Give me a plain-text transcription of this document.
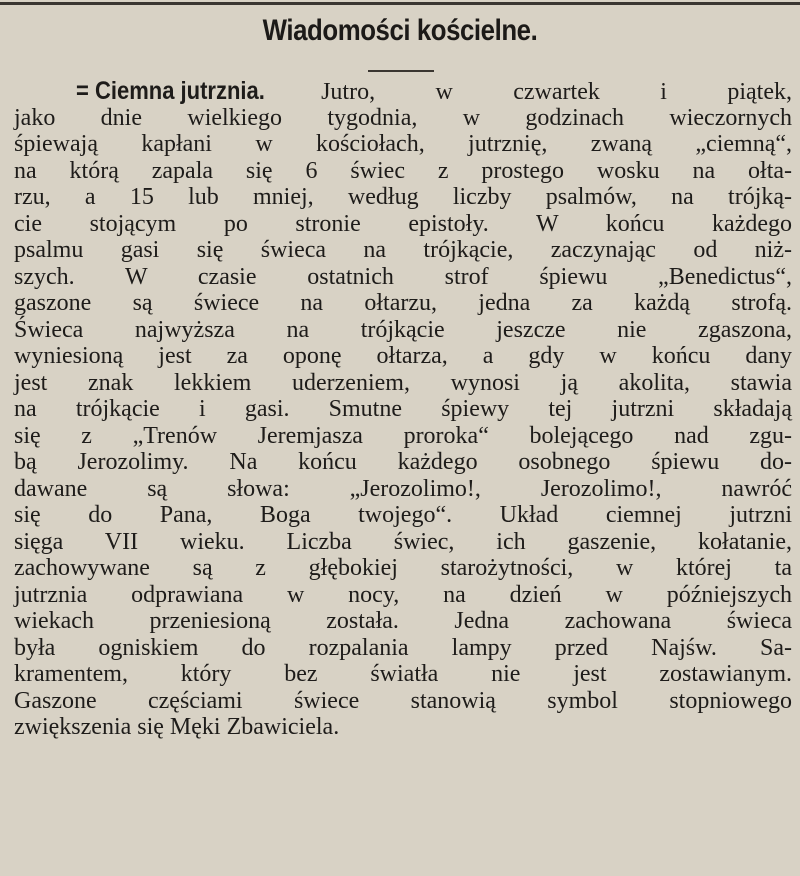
Wiadomości kościelne.
= Ciemna jutrznia. Jutro, w czwartek i piątek,
jako dnie wielkiego tygodnia, w godzinach wieczornych
śpiewają kapłani w kościołach, jutrznię, zwaną „ciemną“,
na którą zapala się 6 świec z prostego wosku na ołta-
rzu, a 15 lub mniej, według liczby psalmów, na trójką-
cie stojącym po stronie epistoły. W końcu każdego
psalmu gasi się świeca na trójkącie, zaczynając od niż-
szych. W czasie ostatnich strof śpiewu „Benedictus“,
gaszone są świece na ołtarzu, jedna za każdą strofą.
Świeca najwyższa na trójkącie jeszcze nie zgaszona,
wyniesioną jest za oponę ołtarza, a gdy w końcu dany
jest znak lekkiem uderzeniem, wynosi ją akolita, stawia
na trójkącie i gasi. Smutne śpiewy tej jutrzni składają
się z „Trenów Jeremjasza proroka“ bolejącego nad zgu-
bą Jerozolimy. Na końcu każdego osobnego śpiewu do-
dawane są słowa: „Jerozolimo!, Jerozolimo!, nawróć
się do Pana, Boga twojego“. Układ ciemnej jutrzni
sięga VII wieku. Liczba świec, ich gaszenie, kołatanie,
zachowywane są z głębokiej starożytności, w której ta
jutrznia odprawiana w nocy, na dzień w późniejszych
wiekach przeniesioną została. Jedna zachowana świeca
była ogniskiem do rozpalania lampy przed Najśw. Sa-
kramentem, który bez światła nie jest zostawianym.
Gaszone częściami świece stanowią symbol stopniowego
zwiększenia się Męki Zbawiciela.
